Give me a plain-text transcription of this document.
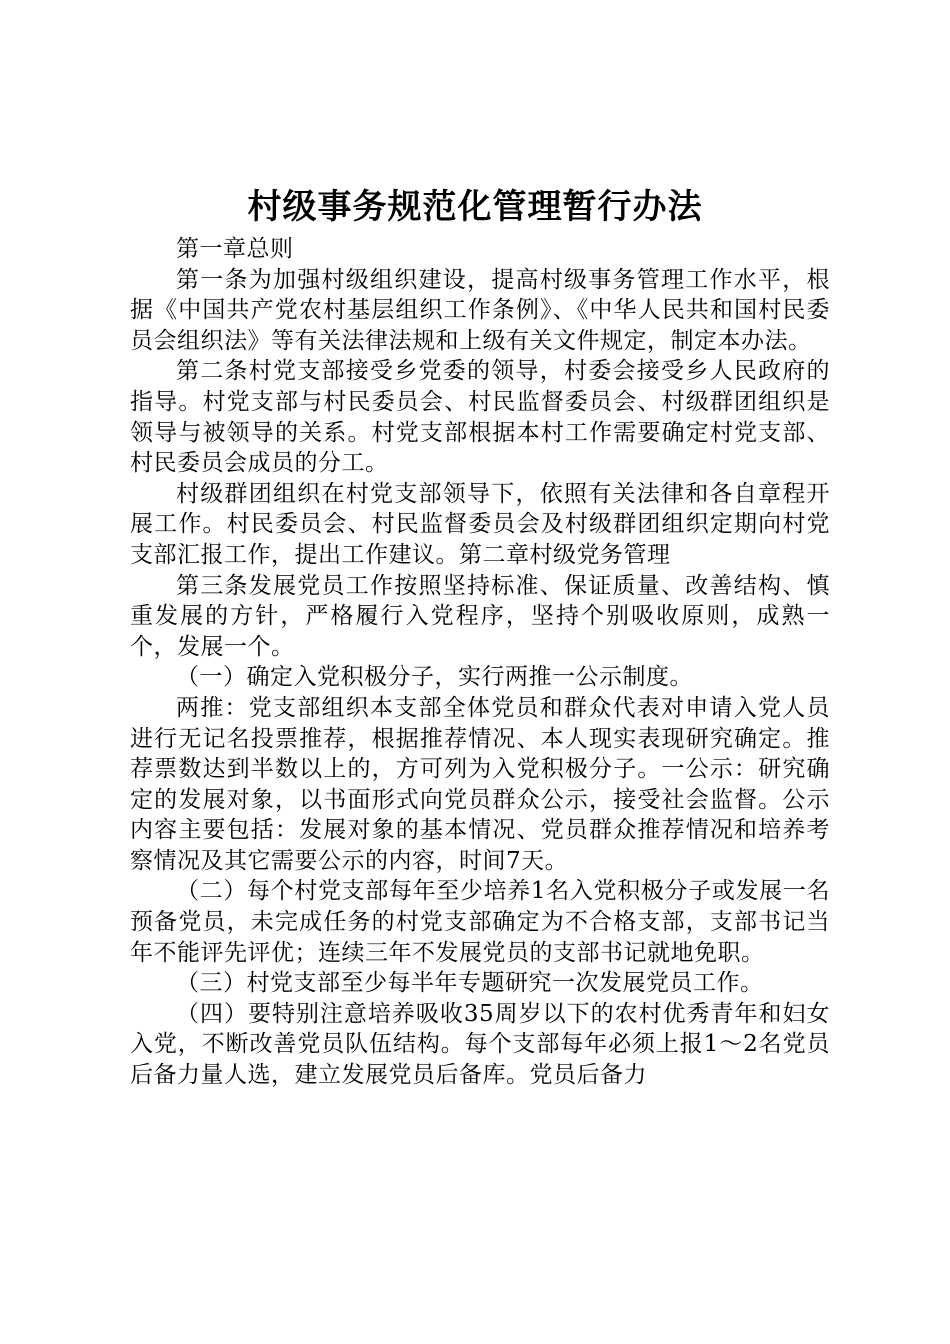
村级事务规范化管理暂行办法

第一章总则

第一条为加强村级组织建设，提高村级事务管理工作水平，根据《中国共产党农村基层组织工作条例》、《中华人民共和国村民委员会组织法》等有关法律法规和上级有关文件规定，制定本办法。

第二条村党支部接受乡党委的领导，村委会接受乡人民政府的指导。村党支部与村民委员会、村民监督委员会、村级群团组织是领导与被领导的关系。村党支部根据本村工作需要确定村党支部、村民委员会成员的分工。

村级群团组织在村党支部领导下，依照有关法律和各自章程开展工作。村民委员会、村民监督委员会及村级群团组织定期向村党支部汇报工作，提出工作建议。第二章村级党务管理

第三条发展党员工作按照坚持标准、保证质量、改善结构、慎重发展的方针，严格履行入党程序，坚持个别吸收原则，成熟一个，发展一个。

（一）确定入党积极分子，实行两推一公示制度。

两推：党支部组织本支部全体党员和群众代表对申请入党人员进行无记名投票推荐，根据推荐情况、本人现实表现研究确定。推荐票数达到半数以上的，方可列为入党积极分子。一公示：研究确定的发展对象，以书面形式向党员群众公示，接受社会监督。公示内容主要包括：发展对象的基本情况、党员群众推荐情况和培养考察情况及其它需要公示的内容，时间7天。

（二）每个村党支部每年至少培养1名入党积极分子或发展一名预备党员，未完成任务的村党支部确定为不合格支部，支部书记当年不能评先评优；连续三年不发展党员的支部书记就地免职。

（三）村党支部至少每半年专题研究一次发展党员工作。

（四）要特别注意培养吸收35周岁以下的农村优秀青年和妇女入党，不断改善党员队伍结构。每个支部每年必须上报1～2名党员后备力量人选，建立发展党员后备库。党员后备力
